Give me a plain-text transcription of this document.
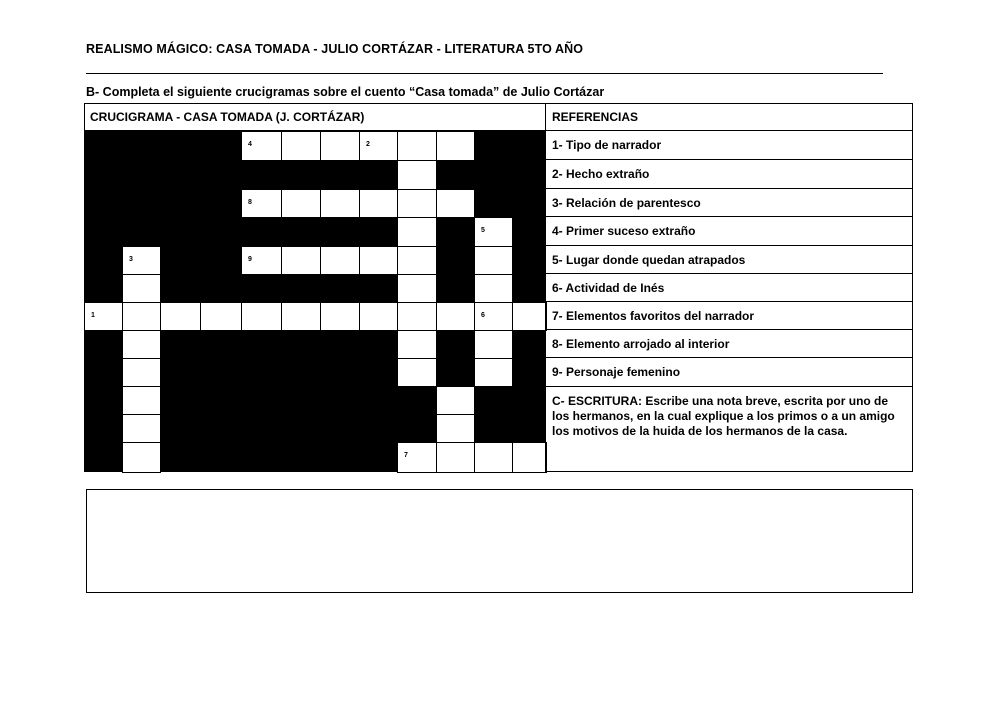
REALISMO MÁGICO: CASA TOMADA - JULIO CORTÁZAR - LITERATURA 5TO AÑO
B- Completa el siguiente crucigramas sobre el cuento “Casa tomada” de Julio Cortázar
CRUCIGRAMA - CASA TOMADA (J. CORTÁZAR)
4	2
8
5
3	9
1	6
7
REFERENCIAS
1- Tipo de narrador
2- Hecho extraño
3- Relación de parentesco
4- Primer suceso extraño
5- Lugar donde quedan atrapados
6- Actividad de Inés
7- Elementos favoritos del narrador
8- Elemento arrojado al interior
9- Personaje femenino
C- ESCRITURA: Escribe una nota breve, escrita por uno de los hermanos, en la cual explique a los primos o a un amigo los motivos de la huida de los hermanos de la casa.
